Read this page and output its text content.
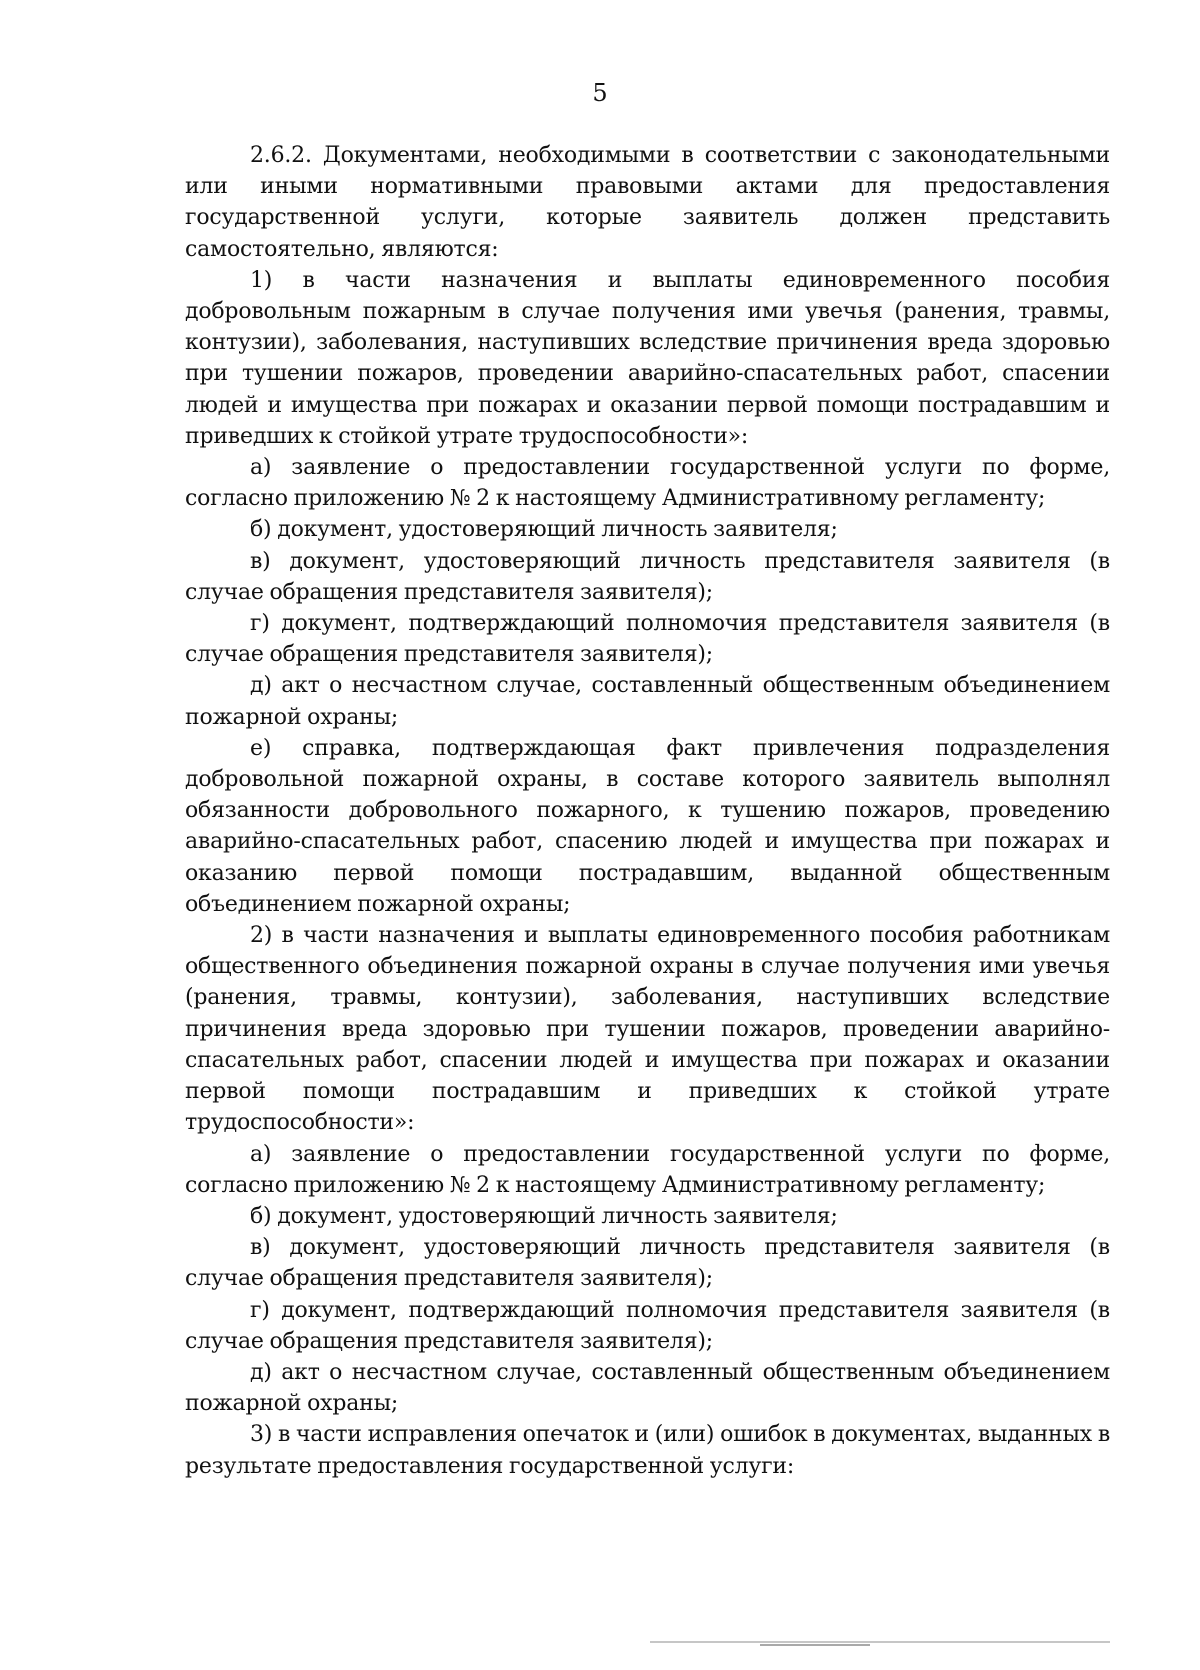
5

2.6.2. Документами, необходимыми в соответствии с законодательными или иными нормативными правовыми актами для предоставления государственной услуги, которые заявитель должен представить самостоятельно, являются:

1) в части назначения и выплаты единовременного пособия добровольным пожарным в случае получения ими увечья (ранения, травмы, контузии), заболевания, наступивших вследствие причинения вреда здоровью при тушении пожаров, проведении аварийно-спасательных работ, спасении людей и имущества при пожарах и оказании первой помощи пострадавшим и приведших к стойкой утрате трудоспособности»:

а) заявление о предоставлении государственной услуги по форме, согласно приложению № 2 к настоящему Административному регламенту;

б) документ, удостоверяющий личность заявителя;

в) документ, удостоверяющий личность представителя заявителя (в случае обращения представителя заявителя);

г) документ, подтверждающий полномочия представителя заявителя (в случае обращения представителя заявителя);

д) акт о несчастном случае, составленный общественным объединением пожарной охраны;

е) справка, подтверждающая факт привлечения подразделения добровольной пожарной охраны, в составе которого заявитель выполнял обязанности добровольного пожарного, к тушению пожаров, проведению аварийно-спасательных работ, спасению людей и имущества при пожарах и оказанию первой помощи пострадавшим, выданной общественным объединением пожарной охраны;

2) в части назначения и выплаты единовременного пособия работникам общественного объединения пожарной охраны в случае получения ими увечья (ранения, травмы, контузии), заболевания, наступивших вследствие причинения вреда здоровью при тушении пожаров, проведении аварийно-спасательных работ, спасении людей и имущества при пожарах и оказании первой помощи пострадавшим и приведших к стойкой утрате трудоспособности»:

а) заявление о предоставлении государственной услуги по форме, согласно приложению № 2 к настоящему Административному регламенту;

б) документ, удостоверяющий личность заявителя;

в) документ, удостоверяющий личность представителя заявителя (в случае обращения представителя заявителя);

г) документ, подтверждающий полномочия представителя заявителя (в случае обращения представителя заявителя);

д) акт о несчастном случае, составленный общественным объединением пожарной охраны;

3) в части исправления опечаток и (или) ошибок в документах, выданных в результате предоставления государственной услуги:
